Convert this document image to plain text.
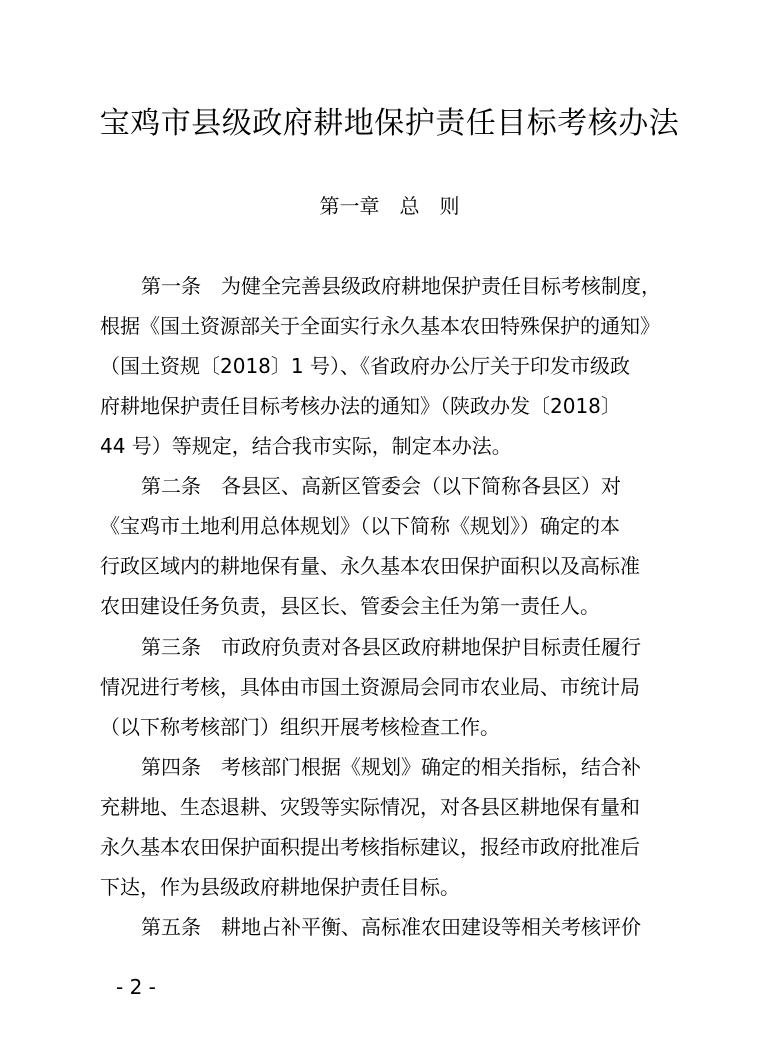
宝鸡市县级政府耕地保护责任目标考核办法
第一章　总　则
第一条　为健全完善县级政府耕地保护责任目标考核制度，
根据《国土资源部关于全面实行永久基本农田特殊保护的通知》
（国土资规〔2018〕1 号）、《省政府办公厅关于印发市级政
府耕地保护责任目标考核办法的通知》（陕政办发〔2018〕
44 号）等规定，结合我市实际，制定本办法。
第二条　各县区、高新区管委会（以下简称各县区）对
《宝鸡市土地利用总体规划》（以下简称《规划》）确定的本
行政区域内的耕地保有量、永久基本农田保护面积以及高标准
农田建设任务负责，县区长、管委会主任为第一责任人。
第三条　市政府负责对各县区政府耕地保护目标责任履行
情况进行考核，具体由市国土资源局会同市农业局、市统计局
（以下称考核部门）组织开展考核检查工作。
第四条　考核部门根据《规划》确定的相关指标，结合补
充耕地、生态退耕、灾毁等实际情况，对各县区耕地保有量和
永久基本农田保护面积提出考核指标建议，报经市政府批准后
下达，作为县级政府耕地保护责任目标。
第五条　耕地占补平衡、高标准农田建设等相关考核评价
- 2 -
